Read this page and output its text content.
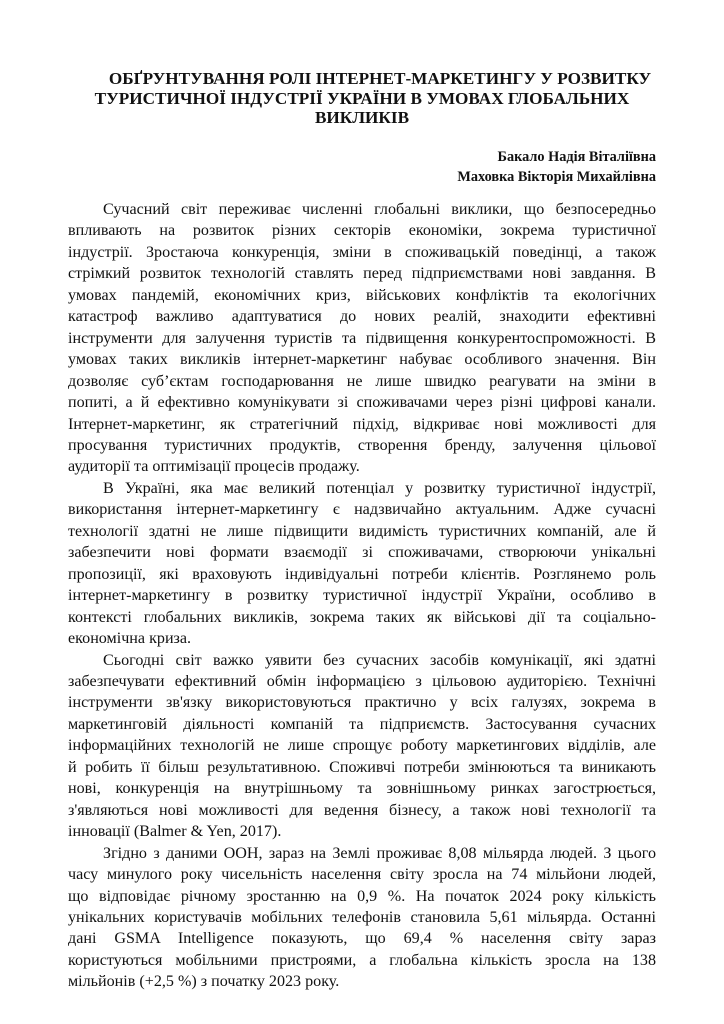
ОБҐРУНТУВАННЯ РОЛІ ІНТЕРНЕТ-МАРКЕТИНГУ У РОЗВИТКУ
ТУРИСТИЧНОЇ ІНДУСТРІЇ УКРАЇНИ В УМОВАХ ГЛОБАЛЬНИХ
ВИКЛИКІВ
Бакало Надія Віталіївна
Маховка Вікторія Михайлівна
Сучасний світ переживає численні глобальні виклики, що безпосередньо
впливають на розвиток різних секторів економіки, зокрема туристичної
індустрії. Зростаюча конкуренція, зміни в споживацькій поведінці, а також
стрімкий розвиток технологій ставлять перед підприємствами нові завдання. В
умовах пандемій, економічних криз, військових конфліктів та екологічних
катастроф важливо адаптуватися до нових реалій, знаходити ефективні
інструменти для залучення туристів та підвищення конкурентоспроможності. В
умовах таких викликів інтернет-маркетинг набуває особливого значення. Він
дозволяє суб’єктам господарювання не лише швидко реагувати на зміни в
попиті, а й ефективно комунікувати зі споживачами через різні цифрові канали.
Інтернет-маркетинг, як стратегічний підхід, відкриває нові можливості для
просування туристичних продуктів, створення бренду, залучення цільової
аудиторії та оптимізації процесів продажу.
В Україні, яка має великий потенціал у розвитку туристичної індустрії,
використання інтернет-маркетингу є надзвичайно актуальним. Адже сучасні
технології здатні не лише підвищити видимість туристичних компаній, але й
забезпечити нові формати взаємодії зі споживачами, створюючи унікальні
пропозиції, які враховують індивідуальні потреби клієнтів. Розглянемо роль
інтернет-маркетингу в розвитку туристичної індустрії України, особливо в
контексті глобальних викликів, зокрема таких як військові дії та соціально-
економічна криза.
Сьогодні світ важко уявити без сучасних засобів комунікації, які здатні
забезпечувати ефективний обмін інформацією з цільовою аудиторією. Технічні
інструменти зв'язку використовуються практично у всіх галузях, зокрема в
маркетинговій діяльності компаній та підприємств. Застосування сучасних
інформаційних технологій не лише спрощує роботу маркетингових відділів, але
й робить її більш результативною. Споживчі потреби змінюються та виникають
нові, конкуренція на внутрішньому та зовнішньому ринках загострюється,
з'являються нові можливості для ведення бізнесу, а також нові технології та
інновації (Balmer & Yen, 2017).
Згідно з даними ООН, зараз на Землі проживає 8,08 мільярда людей. З цього
часу минулого року чисельність населення світу зросла на 74 мільйони людей,
що відповідає річному зростанню на 0,9 %. На початок 2024 року кількість
унікальних користувачів мобільних телефонів становила 5,61 мільярда. Останні
дані GSMA Intelligence показують, що 69,4 % населення світу зараз
користуються мобільними пристроями, а глобальна кількість зросла на 138
мільйонів (+2,5 %) з початку 2023 року.
